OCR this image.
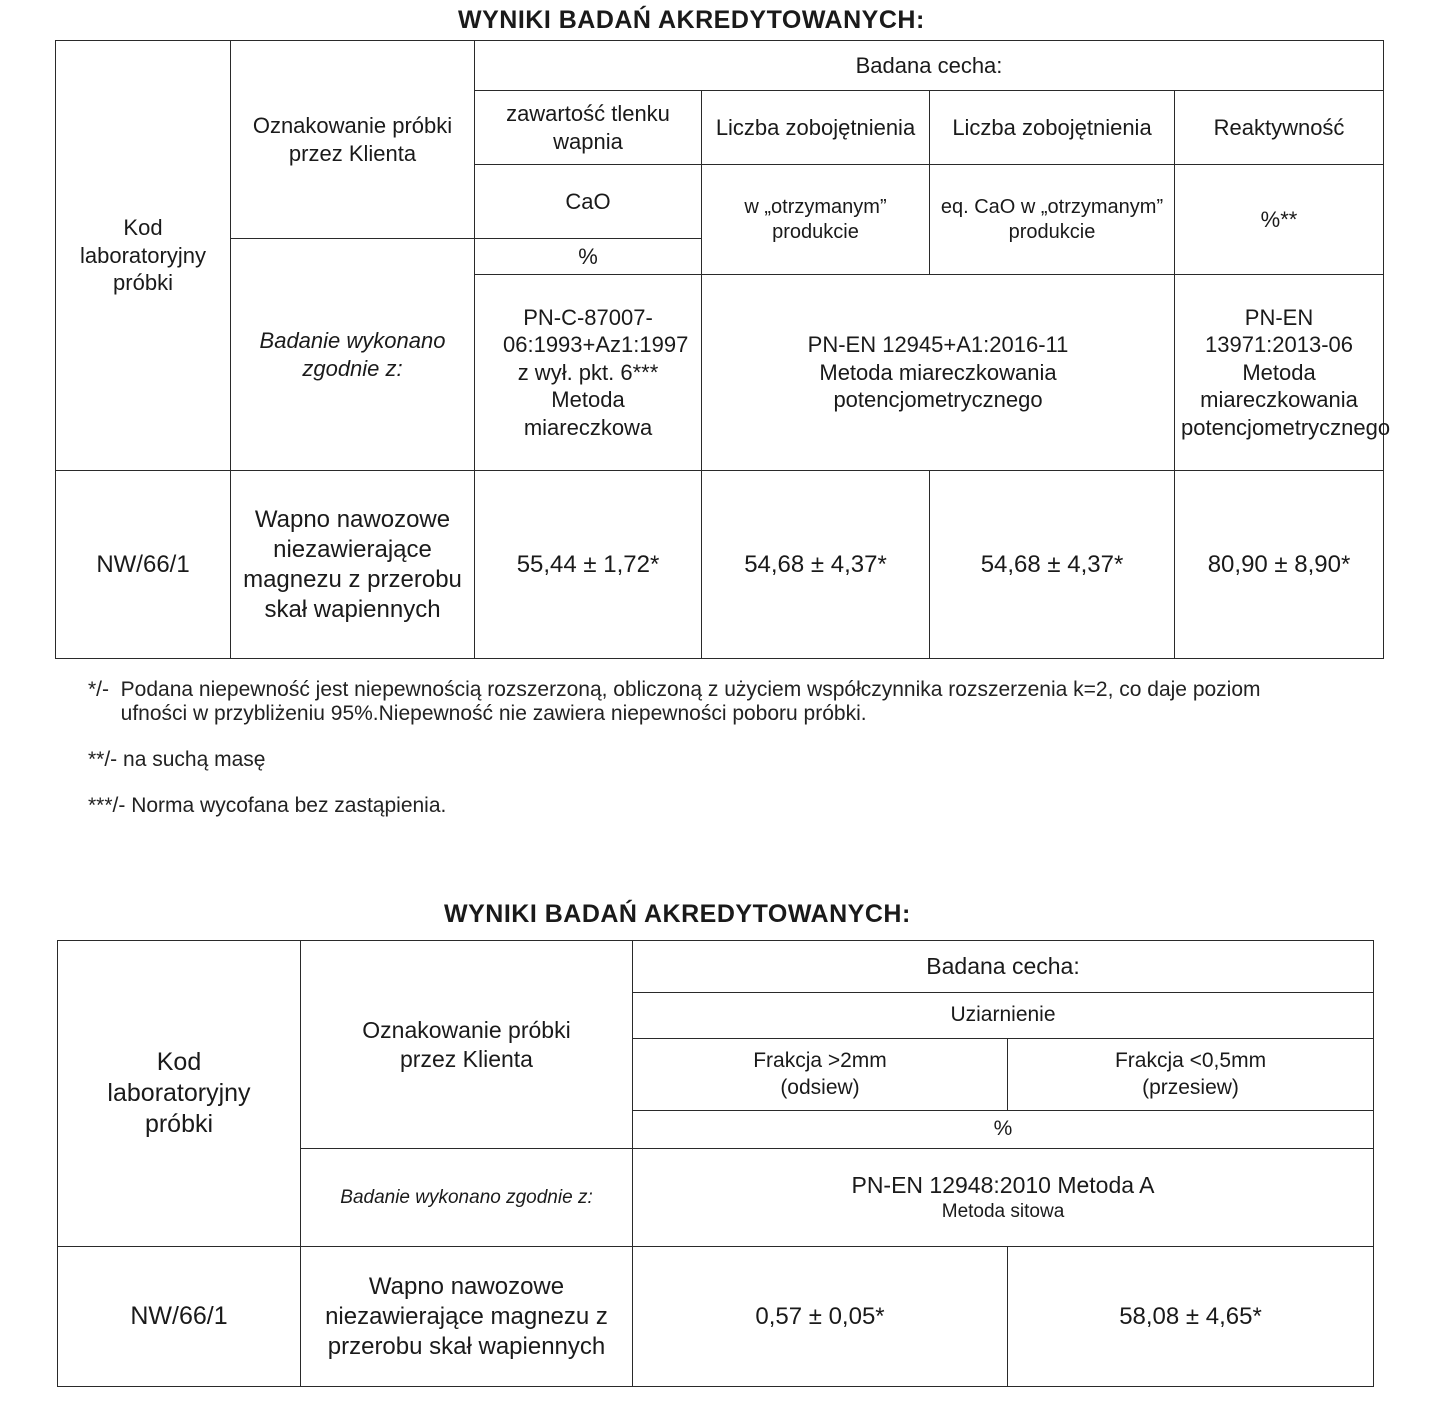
WYNIKI BADAŃ AKREDYTOWANYCH:
Kod laboratoryjny próbki	Oznakowanie próbki przez Klienta	Badana cecha:			
		zawartość tlenku wapnia	Liczba zobojętnienia	Liczba zobojętnienia	Reaktywność
		CaO	w „otrzymanym” produkcie	eq. CaO w „otrzymanym” produkcie	%**
	Badanie wykonano zgodnie z:	%			
		PN-C-87007-06:1993+Az1:1997 z wył. pkt. 6*** Metoda miareczkowa	PN-EN 12945+A1:2016-11 Metoda miareczkowania potencjometrycznego		PN-EN 13971:2013-06 Metoda miareczkowania potencjometrycznego
NW/66/1	Wapno nawozowe niezawierające magnezu z przerobu skał wapiennych	55,44 ± 1,72*	54,68 ± 4,37*	54,68 ± 4,37*	80,90 ± 8,90*
*/- Podana niepewność jest niepewnością rozszerzoną, obliczoną z użyciem współczynnika rozszerzenia k=2, co daje poziom ufności w przybliżeniu 95%.Niepewność nie zawiera niepewności poboru próbki.
**/- na suchą masę
***/- Norma wycofana bez zastąpienia.
WYNIKI BADAŃ AKREDYTOWANYCH:
Kod laboratoryjny próbki	Oznakowanie próbki przez Klienta	Badana cecha:	
		Uziarnienie	
		Frakcja >2mm (odsiew)	Frakcja <0,5mm (przesiew)
		%	
	Badanie wykonano zgodnie z:	PN-EN 12948:2010 Metoda A
Metoda sitowa	

NW/66/1	Wapno nawozowe niezawierające magnezu z przerobu skał wapiennych	0,57 ± 0,05*	58,08 ± 4,65*
